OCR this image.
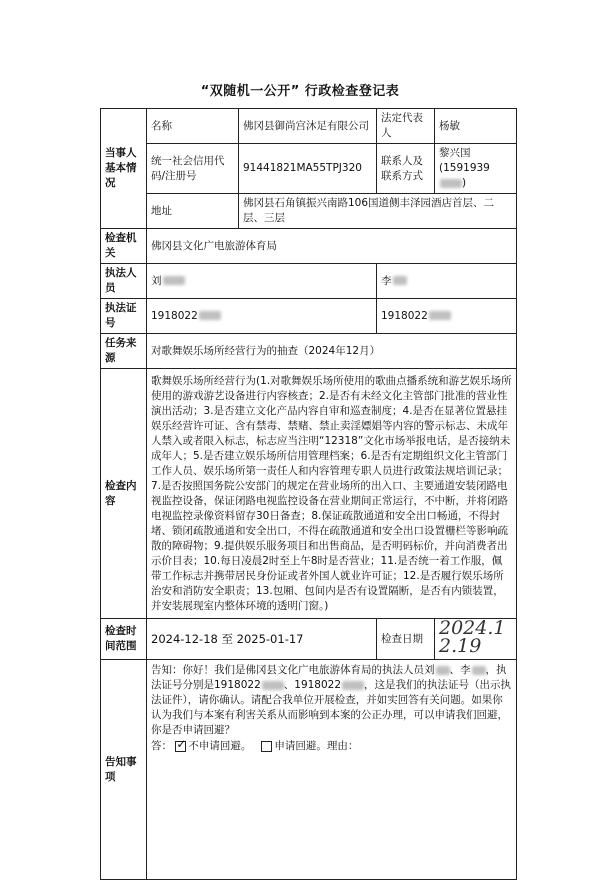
“双随机一公开” 行政检查登记表
当事人基本情况	名称	佛冈县御尚宫沐足有限公司	法定代表人	杨敏
	统一社会信用代码/注册号	91441821MA55TPJ320	联系人及联系方式	黎兴国
(1591939)
	地址	佛冈县石角镇振兴南路106国道侧丰泽园酒店首层、二层、三层		
检查机关	佛冈县文化广电旅游体育局			
执法人员	刘		李	
执法证号	1918022		1918022	
任务来源	对歌舞娱乐场所经营行为的抽查（2024年12月）			
检查内容	歌舞娱乐场所经营行为(1.对歌舞娱乐场所使用的歌曲点播系统和游艺娱乐场所使用的游戏游艺设备进行内容核查；2.是否有未经文化主管部门批准的营业性演出活动；3.是否建立文化产品内容自审和巡查制度；4.是否在显著位置悬挂娱乐经营许可证、含有禁毒、禁赌、禁止卖淫嫖娼等内容的警示标志、未成年人禁入或者限入标志，标志应当注明“12318”文化市场举报电话，是否接纳未成年人；5.是否建立娱乐场所信用管理档案；6.是否有定期组织文化主管部门工作人员、娱乐场所第一责任人和内容管理专职人员进行政策法规培训记录；7.是否按照国务院公安部门的规定在营业场所的出入口、主要通道安装闭路电视监控设备，保证闭路电视监控设备在营业期间正常运行，不中断，并将闭路电视监控录像资料留存30日备查；8.保证疏散通道和安全出口畅通，不得封堵、锁闭疏散通道和安全出口，不得在疏散通道和安全出口设置栅栏等影响疏散的障碍物；9.提供娱乐服务项目和出售商品，是否明码标价，并向消费者出示价目表；10.每日凌晨2时至上午8时是否营业；11.是否统一着工作服，佩带工作标志并携带居民身份证或者外国人就业许可证；12.是否履行娱乐场所治安和消防安全职责；13.包厢、包间内是否有设置隔断，是否有内锁装置，并安装展现室内整体环境的透明门窗。)			
检查时间范围	2024-12-18 至 2025-01-17		检查日期	2024.12.19
告知事项	告知：你好！我们是佛冈县文化广电旅游体育局的执法人员刘 、李 ，执法证号分别是1918022 、1918022 ，这是我们的执法证号（出示执法证件），请你确认。请配合我单位开展检查，并如实回答有关问题。如果你认为我们与本案有利害关系从而影响到本案的公正办理，可以申请我们回避，你是否申请回避？
答： ✓ 不申请回避。 申请回避。理由：
